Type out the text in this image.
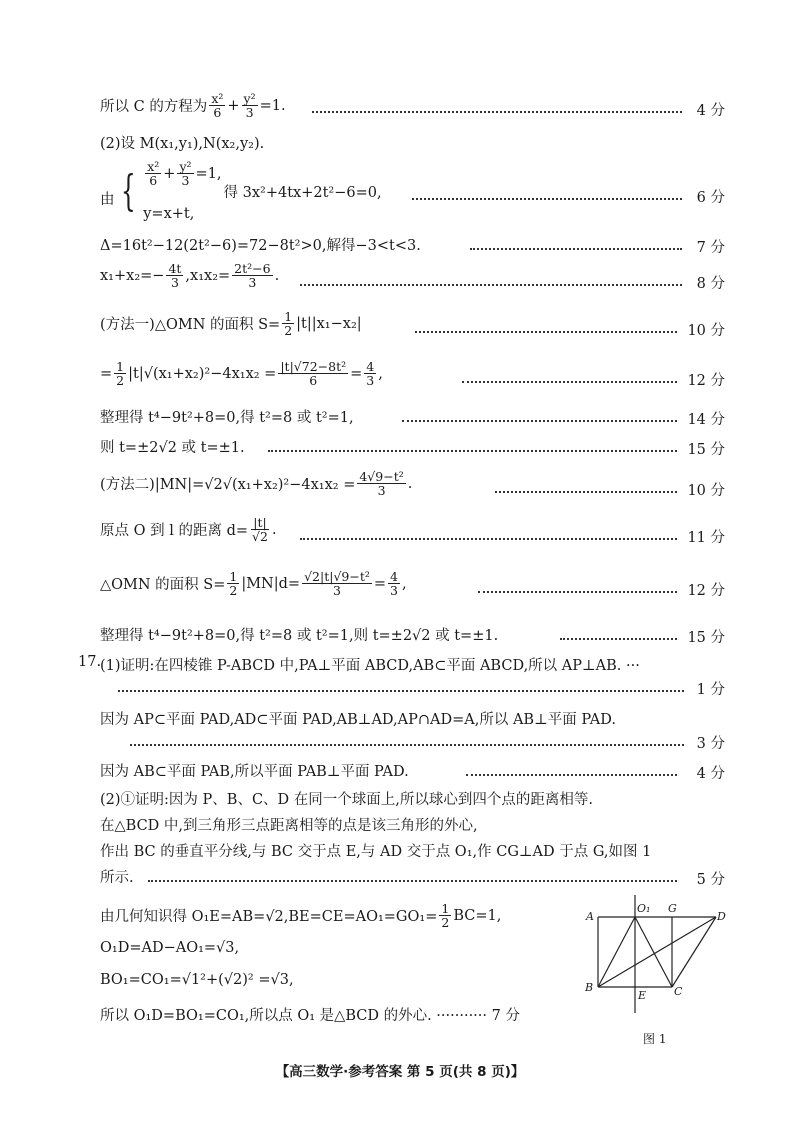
所以 C 的方程为 $\frac{\text{x²}}{6} + \frac{\text{y²}}{3} =1$.	4 分
(2)设 M(x₁,y₁),N(x₂,y₂).
由 { $\frac{\text{x²}}{6} + \frac{\text{y²}}{3} =1$,
y=x+t,
得 3x²+4tx+2t²−6=0,	6 分
Δ=16t²−12(2t²−6)=72−8t²>0,解得−3<t<3.	7 分
$x_1+x_2=- \frac{4t}{3} ,x_1x_2= \frac{\text{2t²−6}}{3}$ .
8 分
(方法一)△OMN 的面积 $S= \frac{1}{2} |t||x_1-x_2|$	10 分
= $\frac{1}{2} |t|√(x_1+x_2)^2-4x_1x_2 = \frac{\text{|t|√72−8t²}}{6} = \frac{4}{3}$ ,	12 分
整理得 t⁴−9t²+8=0,得 t²=8 或 t²=1,	14 分
则 t=±2√2 或 t=±1.	15 分
(方法二)$|MN|=√2√(x_1+x_2)^2-4x_1x_2 = \frac{\text{4√9−t²}}{3}$ .	10 分
原点 O 到 l 的距离 $d= \frac{|t|}{√2}$ .
11 分
△OMN 的面积 $S= \frac{1}{2} |MN|d= \frac{\text{√2|t|√9−t²}}{3} = \frac{4}{3}$ ,	12 分
整理得 t⁴−9t²+8=0,得 t²=8 或 t²=1,则 t=±2√2 或 t=±1.	15 分
17.
(1)证明:在四棱锥 P-ABCD 中,PA⊥平面 ABCD,AB⊂平面 ABCD,所以 AP⊥AB. ···
1 分
因为 AP⊂平面 PAD,AD⊂平面 PAD,AB⊥AD,AP∩AD=A,所以 AB⊥平面 PAD.
3 分
因为 AB⊂平面 PAB,所以平面 PAB⊥平面 PAD.	4 分
(2)①证明:因为 P、B、C、D 在同一个球面上,所以球心到四个点的距离相等.
在△BCD 中,到三角形三点距离相等的点是该三角形的外心,
作出 BC 的垂直平分线,与 BC 交于点 E,与 AD 交于点 O₁,作 CG⊥AD 于点 G,如图 1
所示.	5 分
由几何知识得 $O_1E=AB=√2,BE=CE=AO_1=GO_1= \frac{1}{2} BC=1$,
O₁D=AD−AO₁=√3,
BO₁=CO₁=√1²+(√2)² =√3,
所以 O₁D=BO₁=CO₁,所以点 O₁ 是△BCD 的外心. ··········· 7 分
A
O₁ G
D
B
E	C
图 1
【高三数学·参考答案 第 5 页(共 8 页)】
